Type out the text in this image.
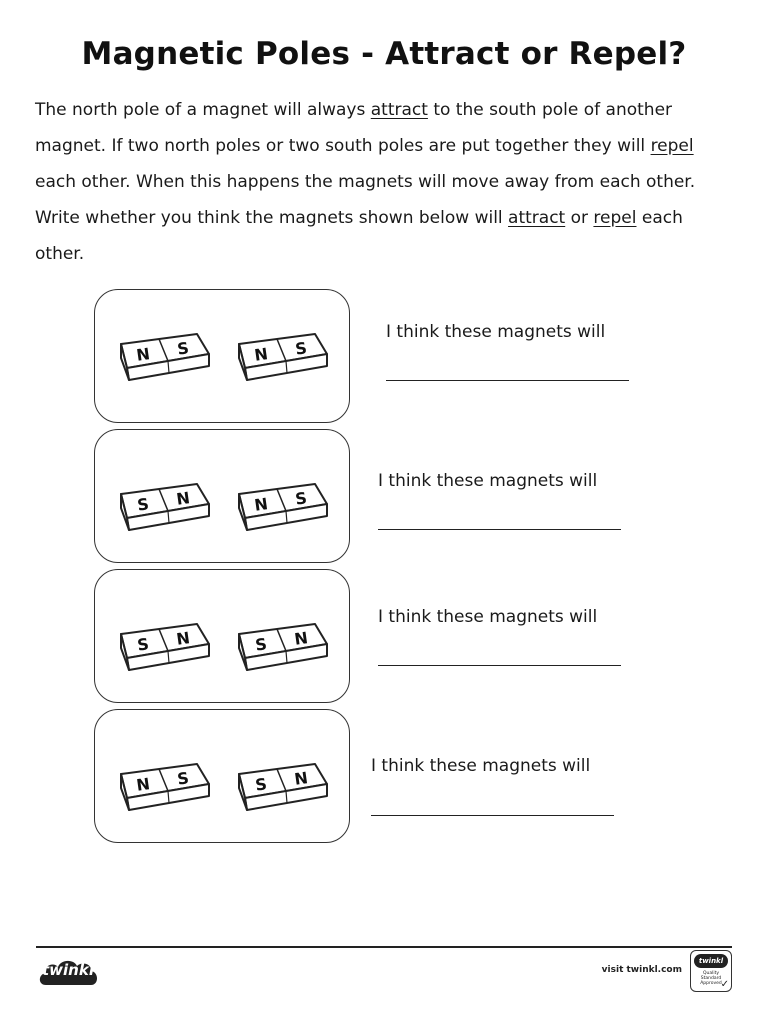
Magnetic Poles - Attract or Repel?

The north pole of a magnet will always attract to the south pole of another magnet. If two north poles or two south poles are put together they will repel each other. When this happens the magnets will move away from each other. Write whether you think the magnets shown below will attract or repel each other.

N S	N S
I think these magnets will
S N	N S
I think these magnets will
S N	S N
I think these magnets will
N S	S N
I think these magnets will
twinkl	visit twinkl.com
twinkl
Quality Standard Approved
✓
